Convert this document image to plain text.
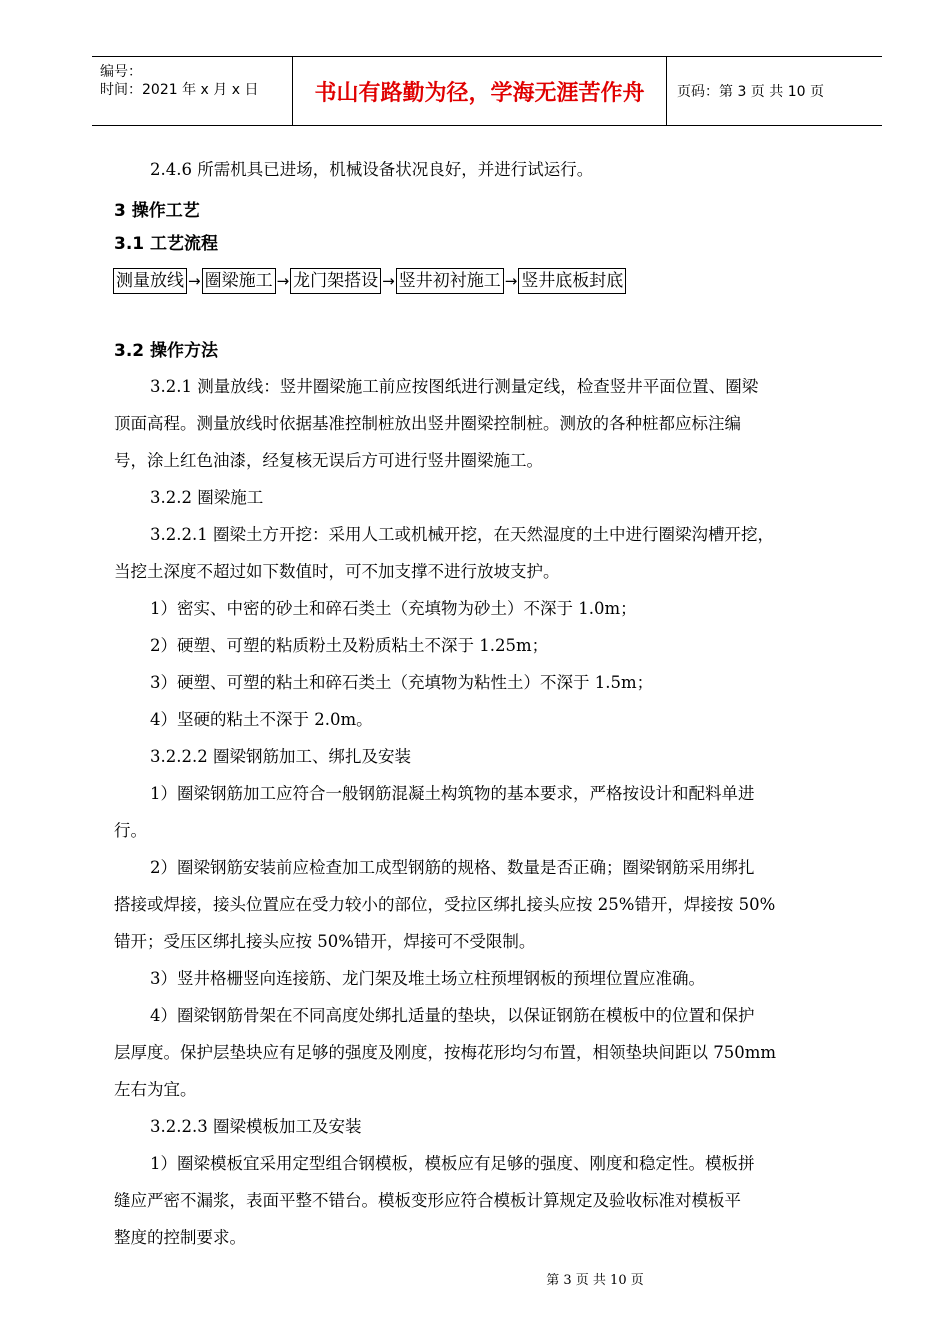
编号：
时间：2021 年 x 月 x 日	书山有路勤为径，学海无涯苦作舟	页码：第 3 页 共 10 页

2.4.6 所需机具已进场，机械设备状况良好，并进行试运行。

3 操作工艺

3.1 工艺流程

测量放线 → 圈梁施工 → 龙门架搭设 → 竖井初衬施工 → 竖井底板封底

3.2 操作方法

3.2.1 测量放线：竖井圈梁施工前应按图纸进行测量定线，检查竖井平面位置、圈梁

顶面高程。测量放线时依据基准控制桩放出竖井圈梁控制桩。测放的各种桩都应标注编

号，涂上红色油漆，经复核无误后方可进行竖井圈梁施工。

3.2.2 圈梁施工

3.2.2.1 圈梁土方开挖：采用人工或机械开挖，在天然湿度的土中进行圈梁沟槽开挖，

当挖土深度不超过如下数值时，可不加支撑不进行放坡支护。

1）密实、中密的砂土和碎石类土（充填物为砂土）不深于 1.0m；

2）硬塑、可塑的粘质粉土及粉质粘土不深于 1.25m；

3）硬塑、可塑的粘土和碎石类土（充填物为粘性土）不深于 1.5m；

4）坚硬的粘土不深于 2.0m。

3.2.2.2 圈梁钢筋加工、绑扎及安装

1）圈梁钢筋加工应符合一般钢筋混凝土构筑物的基本要求，严格按设计和配料单进

行。

2）圈梁钢筋安装前应检查加工成型钢筋的规格、数量是否正确；圈梁钢筋采用绑扎

搭接或焊接，接头位置应在受力较小的部位，受拉区绑扎接头应按 25%错开，焊接按 50%

错开；受压区绑扎接头应按 50%错开，焊接可不受限制。

3）竖井格栅竖向连接筋、龙门架及堆土场立柱预埋钢板的预埋位置应准确。

4）圈梁钢筋骨架在不同高度处绑扎适量的垫块，以保证钢筋在模板中的位置和保护

层厚度。保护层垫块应有足够的强度及刚度，按梅花形均匀布置，相领垫块间距以 750mm

左右为宜。

3.2.2.3 圈梁模板加工及安装

1）圈梁模板宜采用定型组合钢模板，模板应有足够的强度、刚度和稳定性。模板拼

缝应严密不漏浆，表面平整不错台。模板变形应符合模板计算规定及验收标准对模板平

整度的控制要求。

第 3 页 共 10 页
